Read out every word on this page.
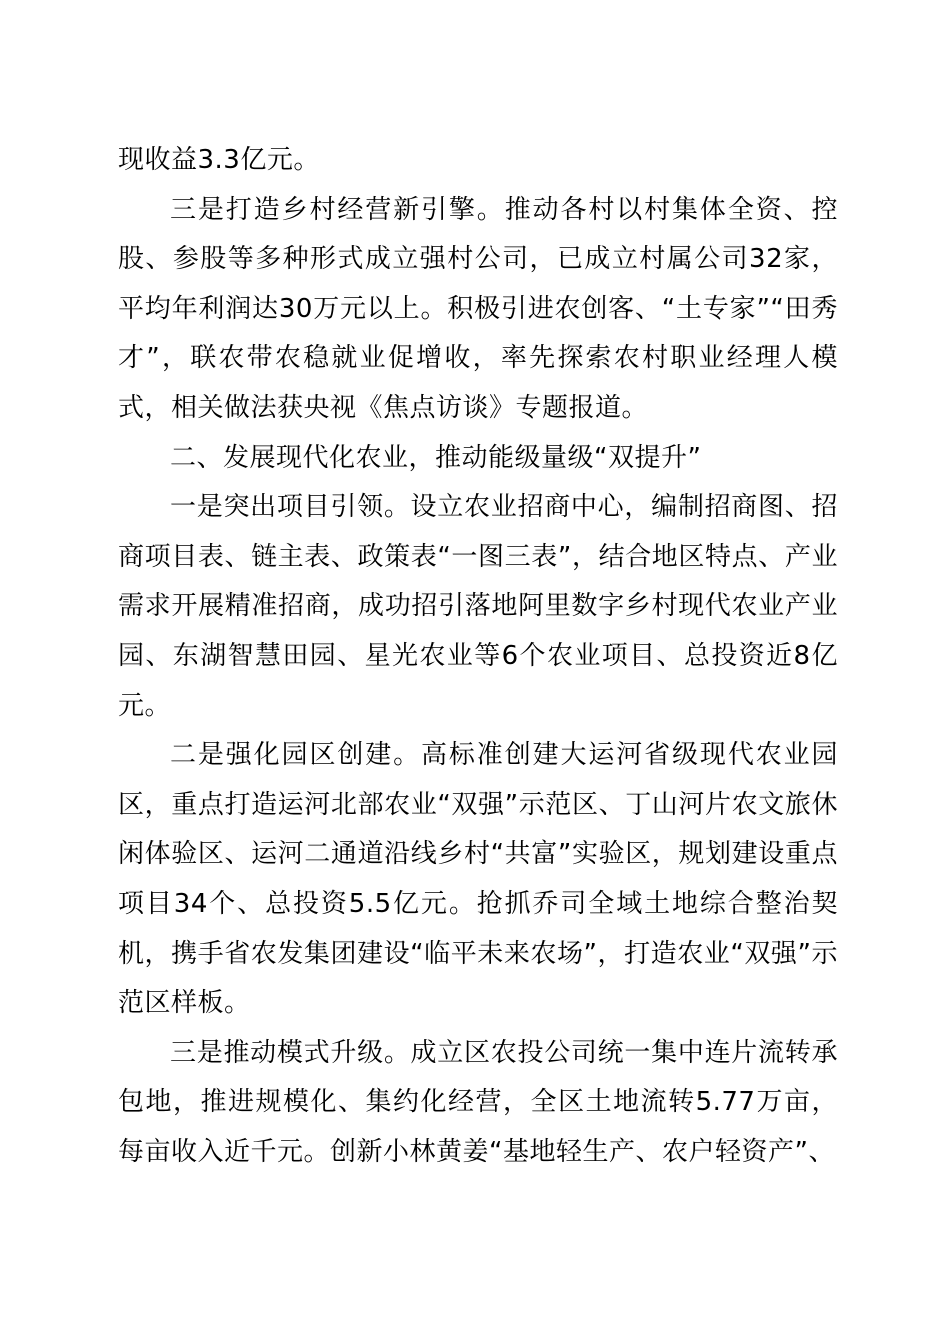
现收益3.3亿元。

三是打造乡村经营新引擎。推动各村以村集体全资、控股、参股等多种形式成立强村公司，已成立村属公司32家，平均年利润达30万元以上。积极引进农创客、“土专家”“田秀才”，联农带农稳就业促增收，率先探索农村职业经理人模式，相关做法获央视《焦点访谈》专题报道。

二、发展现代化农业，推动能级量级“双提升”

一是突出项目引领。设立农业招商中心，编制招商图、招商项目表、链主表、政策表“一图三表”，结合地区特点、产业需求开展精准招商，成功招引落地阿里数字乡村现代农业产业园、东湖智慧田园、星光农业等6个农业项目、总投资近8亿元。

二是强化园区创建。高标准创建大运河省级现代农业园区，重点打造运河北部农业“双强”示范区、丁山河片农文旅休闲体验区、运河二通道沿线乡村“共富”实验区，规划建设重点项目34个、总投资5.5亿元。抢抓乔司全域土地综合整治契机，携手省农发集团建设“临平未来农场”，打造农业“双强”示范区样板。

三是推动模式升级。成立区农投公司统一集中连片流转承包地，推进规模化、集约化经营，全区土地流转5.77万亩，每亩收入近千元。创新小林黄姜“基地轻生产、农户轻资产”、
